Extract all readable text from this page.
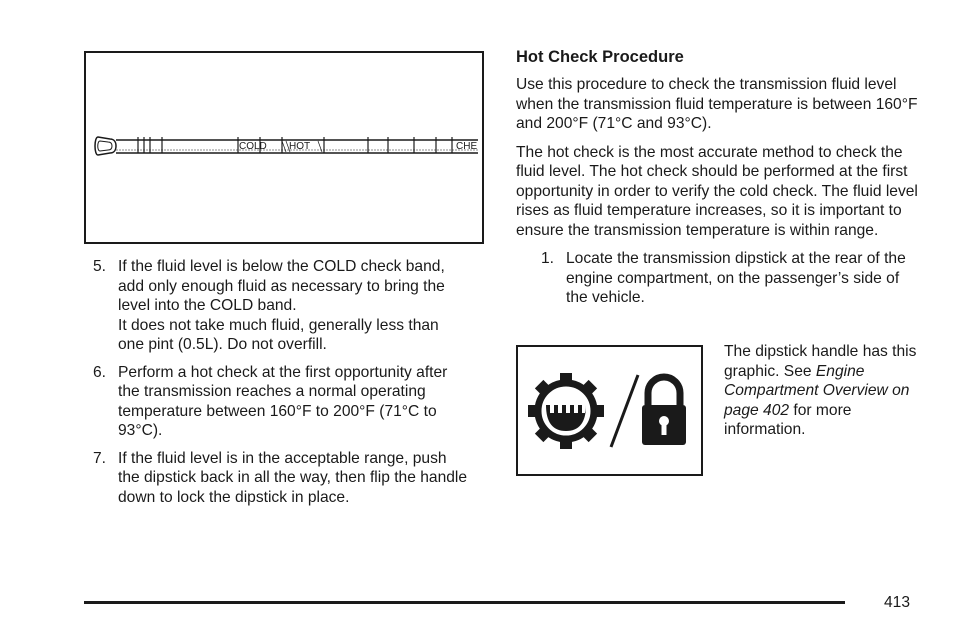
COLD HOT	CHE
5. If the fluid level is below the COLD check band, add only enough fluid as necessary to bring the level into the COLD band.

It does not take much fluid, generally less than one pint (0.5L). Do not overfill.

6. Perform a hot check at the first opportunity after the transmission reaches a normal operating temperature between 160°F to 200°F (71°C to 93°C).

7. If the fluid level is in the acceptable range, push the dipstick back in all the way, then flip the handle down to lock the dipstick in place.

Hot Check Procedure

Use this procedure to check the transmission fluid level when the transmission fluid temperature is between 160°F and 200°F (71°C and 93°C).

The hot check is the most accurate method to check the fluid level. The hot check should be performed at the first opportunity in order to verify the cold check. The fluid level rises as fluid temperature increases, so it is important to ensure the transmission temperature is within range.

1. Locate the transmission dipstick at the rear of the engine compartment, on the passenger’s side of the vehicle.
The dipstick handle has this graphic. See Engine Compartment Overview on page 402 for more information.
413
